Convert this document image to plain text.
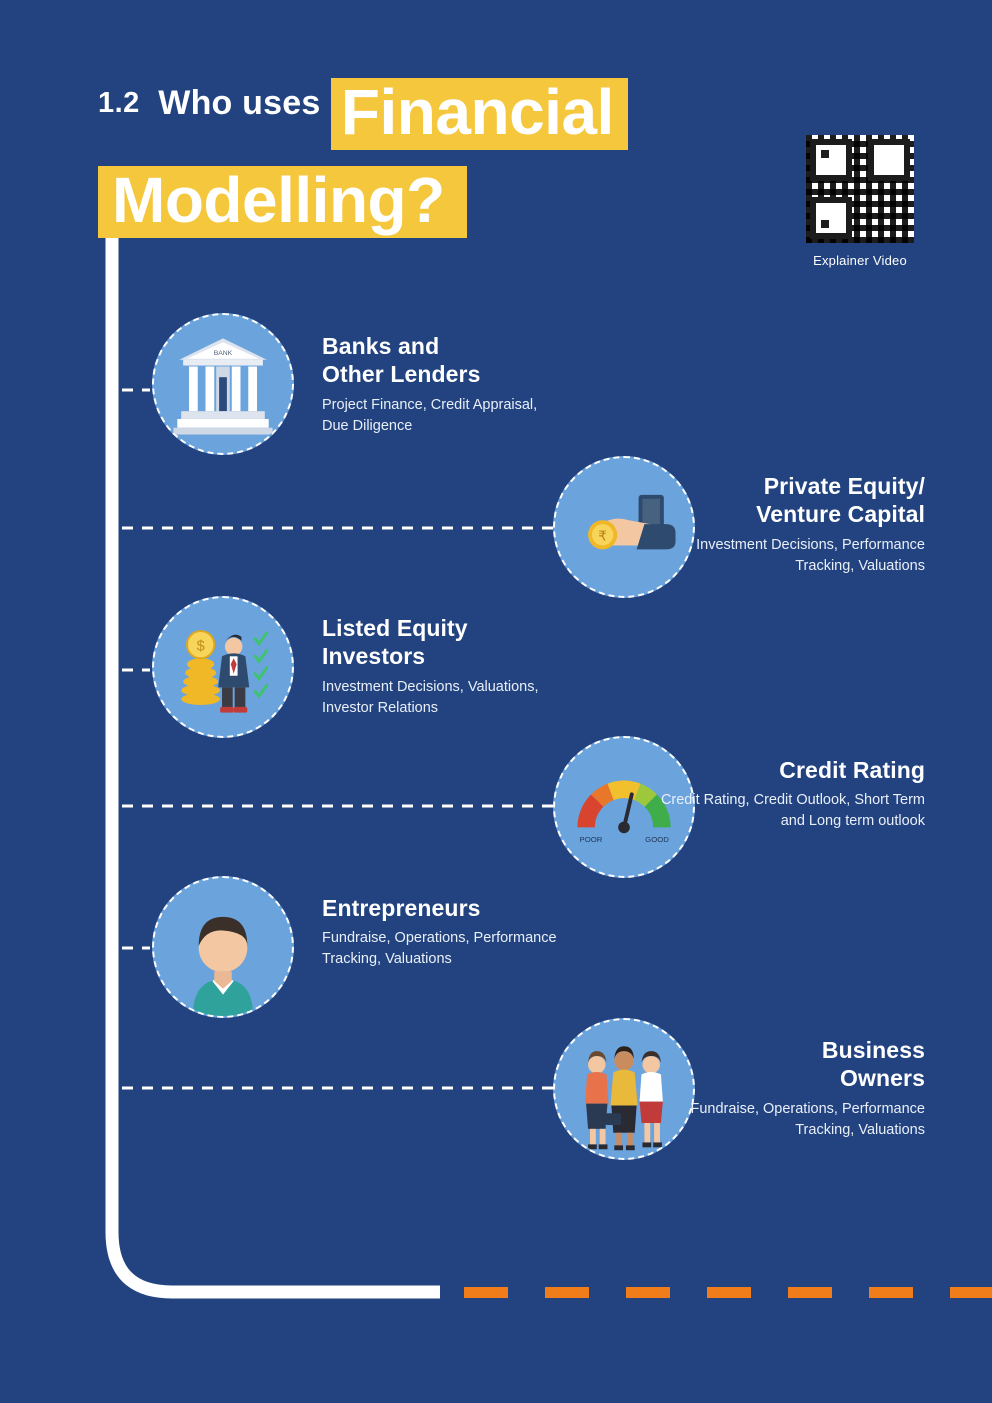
1.2 Who uses Financial
Modelling?
Explainer Video
BANK	Banks and
Other Lenders

Project Finance, Credit Appraisal, Due Diligence

₹
Private Equity/
Venture Capital

Investment Decisions, Performance Tracking, Valuations

$
Listed Equity
Investors

Investment Decisions, Valuations, Investor Relations

POOR	GOOD
Credit Rating

Credit Rating, Credit Outlook, Short Term and Long term outlook

Entrepreneurs

Fundraise, Operations, Performance Tracking, Valuations

Business
Owners

Fundraise, Operations, Performance Tracking, Valuations
